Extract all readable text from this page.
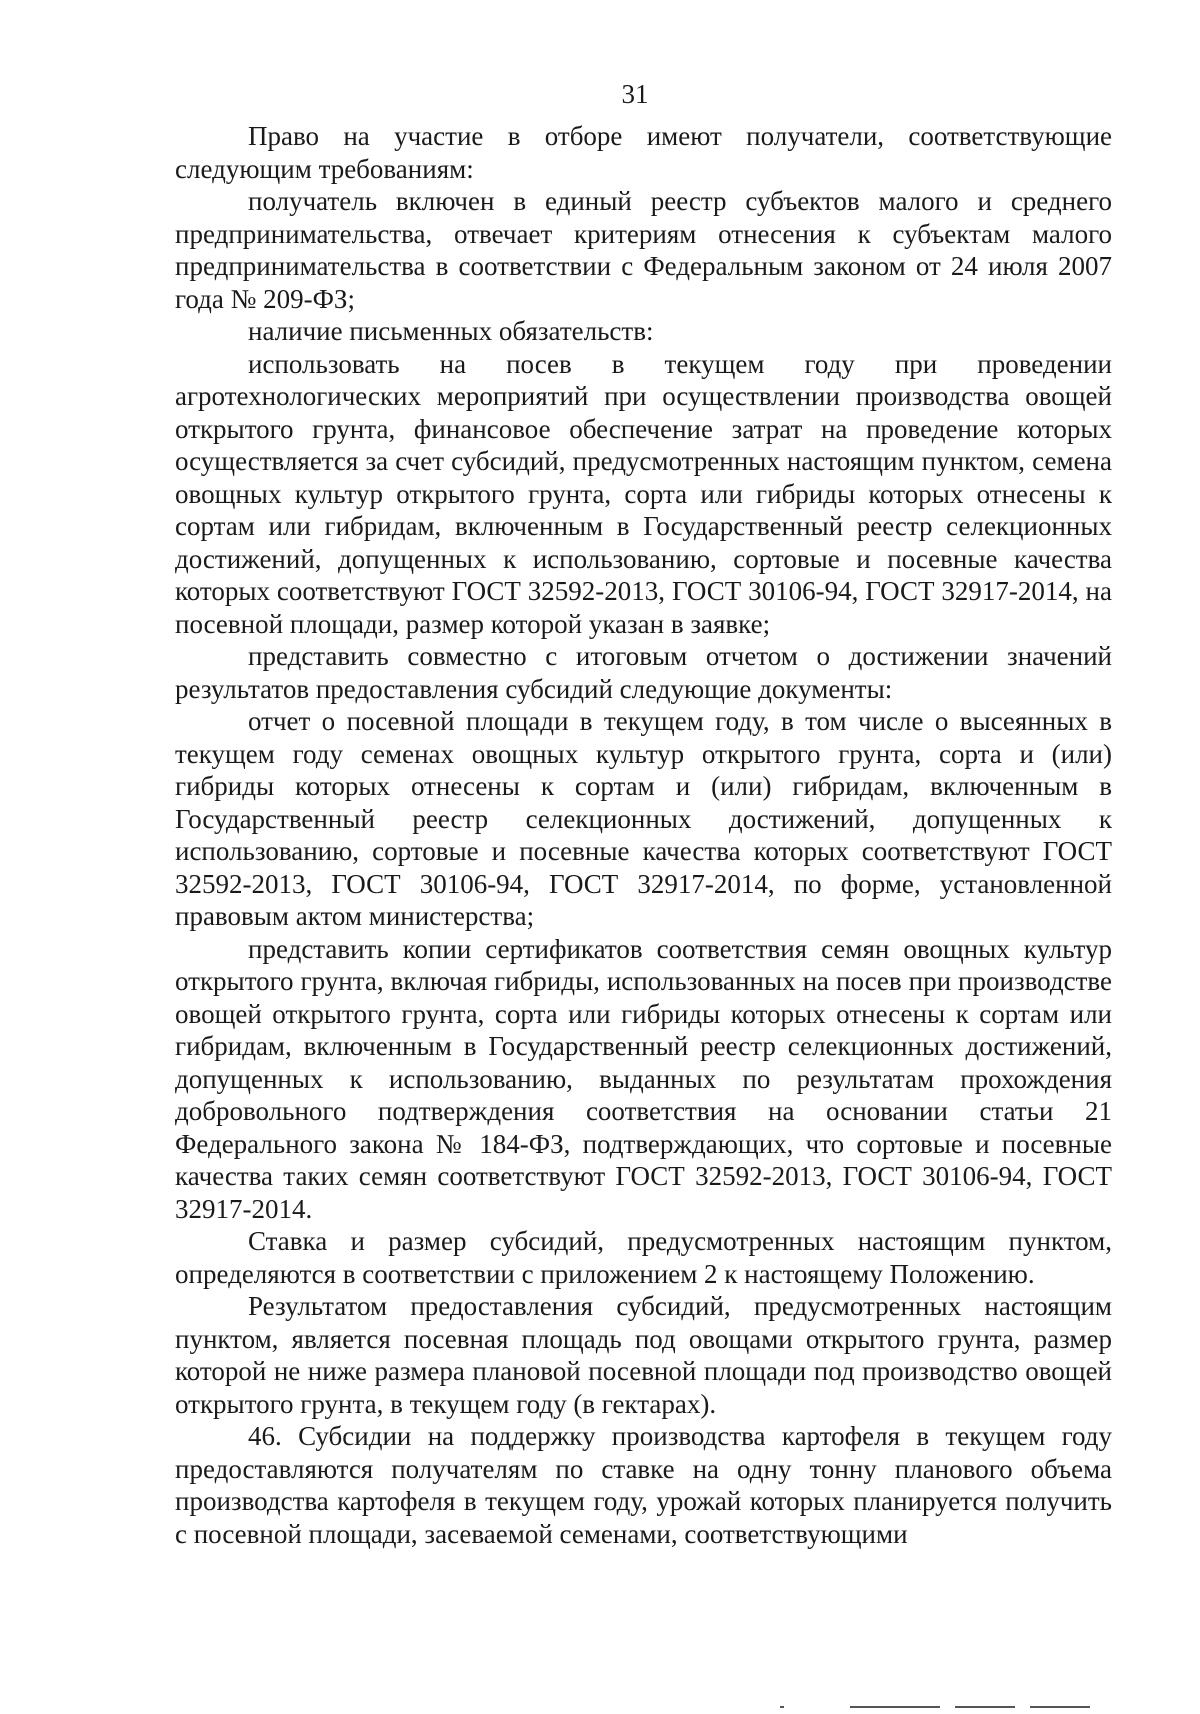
31

Право на участие в отборе имеют получатели, соответствующие следующим требованиям:

получатель включен в единый реестр субъектов малого и среднего предпринимательства, отвечает критериям отнесения к субъектам малого предпринимательства в соответствии с Федеральным законом от 24 июля 2007 года № 209-ФЗ;

наличие письменных обязательств:

использовать на посев в текущем году при проведении агротехнологических мероприятий при осуществлении производства овощей открытого грунта, финансовое обеспечение затрат на проведение которых осуществляется за счет субсидий, предусмотренных настоящим пунктом, семена овощных культур открытого грунта, сорта или гибриды которых отнесены к сортам или гибридам, включенным в Государственный реестр селекционных достижений, допущенных к использованию, сортовые и посевные качества которых соответствуют ГОСТ 32592-2013, ГОСТ 30106-94, ГОСТ 32917-2014, на посевной площади, размер которой указан в заявке;

представить совместно с итоговым отчетом о достижении значений результатов предоставления субсидий следующие документы:

отчет о посевной площади в текущем году, в том числе о высеянных в текущем году семенах овощных культур открытого грунта, сорта и (или) гибриды которых отнесены к сортам и (или) гибридам, включенным в Государственный реестр селекционных достижений, допущенных к использованию, сортовые и посевные качества которых соответствуют ГОСТ 32592-2013, ГОСТ 30106-94, ГОСТ 32917-2014, по форме, установленной правовым актом министерства;

представить копии сертификатов соответствия семян овощных культур открытого грунта, включая гибриды, использованных на посев при производстве овощей открытого грунта, сорта или гибриды которых отнесены к сортам или гибридам, включенным в Государственный реестр селекционных достижений, допущенных к использованию, выданных по результатам прохождения добровольного подтверждения соответствия на основании статьи 21 Федерального закона № 184-ФЗ, подтверждающих, что сортовые и посевные качества таких семян соответствуют ГОСТ 32592-2013, ГОСТ 30106-94, ГОСТ 32917-2014.

Ставка и размер субсидий, предусмотренных настоящим пунктом, определяются в соответствии с приложением 2 к настоящему Положению.

Результатом предоставления субсидий, предусмотренных настоящим пунктом, является посевная площадь под овощами открытого грунта, размер которой не ниже размера плановой посевной площади под производство овощей открытого грунта, в текущем году (в гектарах).

46. Субсидии на поддержку производства картофеля в текущем году предоставляются получателям по ставке на одну тонну планового объема производства картофеля в текущем году, урожай которых планируется получить с посевной площади, засеваемой семенами, соответствующими
